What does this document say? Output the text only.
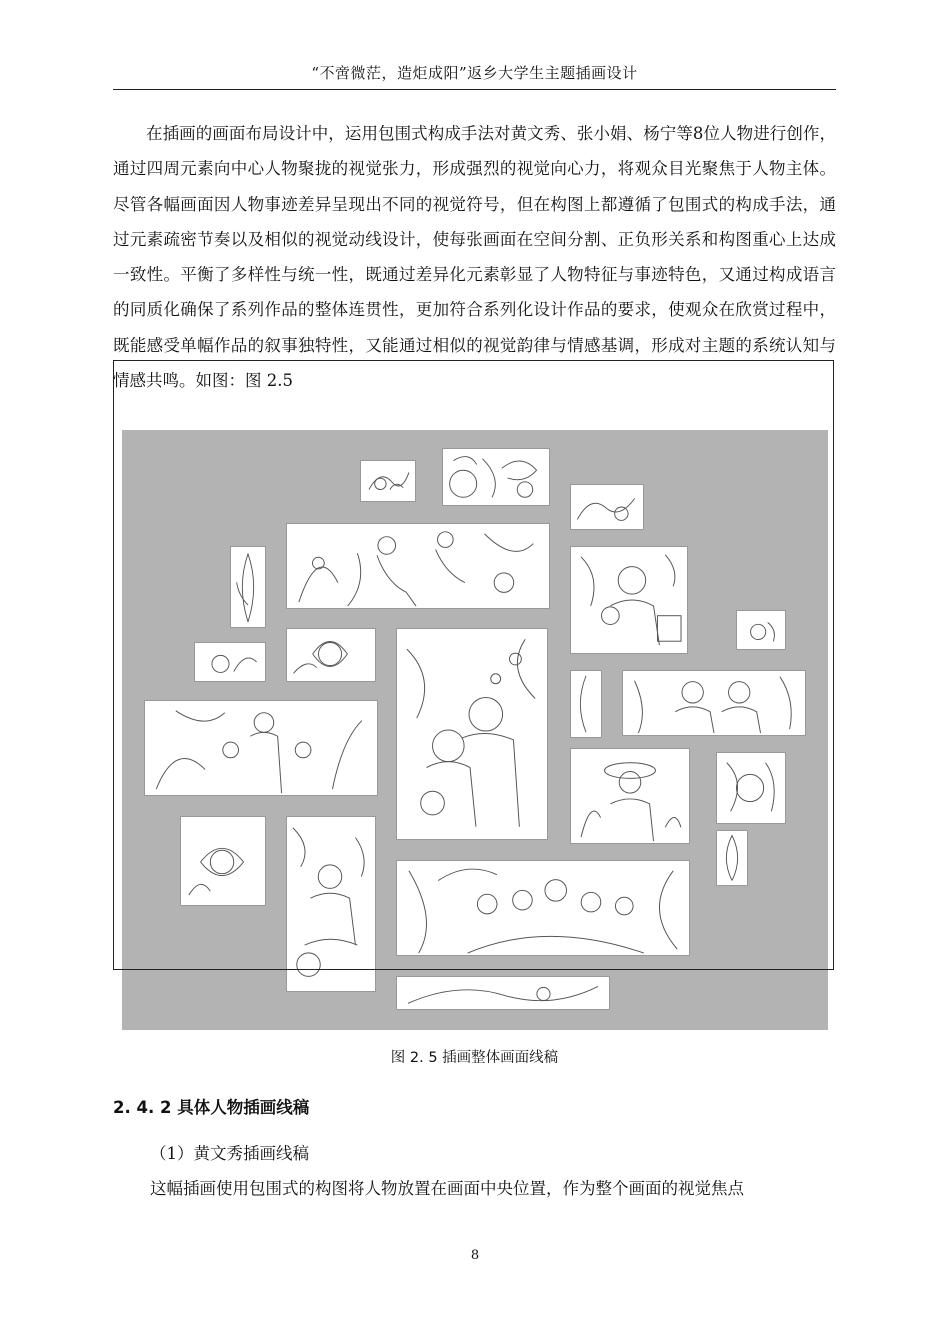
“不啻微茫，造炬成阳”返乡大学生主题插画设计

在插画的画面布局设计中，运用包围式构成手法对黄文秀、张小娟、杨宁等8位人物进行创作，通过四周元素向中心人物聚拢的视觉张力，形成强烈的视觉向心力，将观众目光聚焦于人物主体。尽管各幅画面因人物事迹差异呈现出不同的视觉符号，但在构图上都遵循了包围式的构成手法，通过元素疏密节奏以及相似的视觉动线设计，使每张画面在空间分割、正负形关系和构图重心上达成一致性。平衡了多样性与统一性，既通过差异化元素彰显了人物特征与事迹特色，又通过构成语言的同质化确保了系列作品的整体连贯性，更加符合系列化设计作品的要求，使观众在欣赏过程中，既能感受单幅作品的叙事独特性，又能通过相似的视觉韵律与情感基调，形成对主题的系统认知与情感共鸣。如图：图 2.5

图 2. 5 插画整体画面线稿
2. 4. 2 具体人物插画线稿
（1）黄文秀插画线稿
这幅插画使用包围式的构图将人物放置在画面中央位置，作为整个画面的视觉焦点
8
